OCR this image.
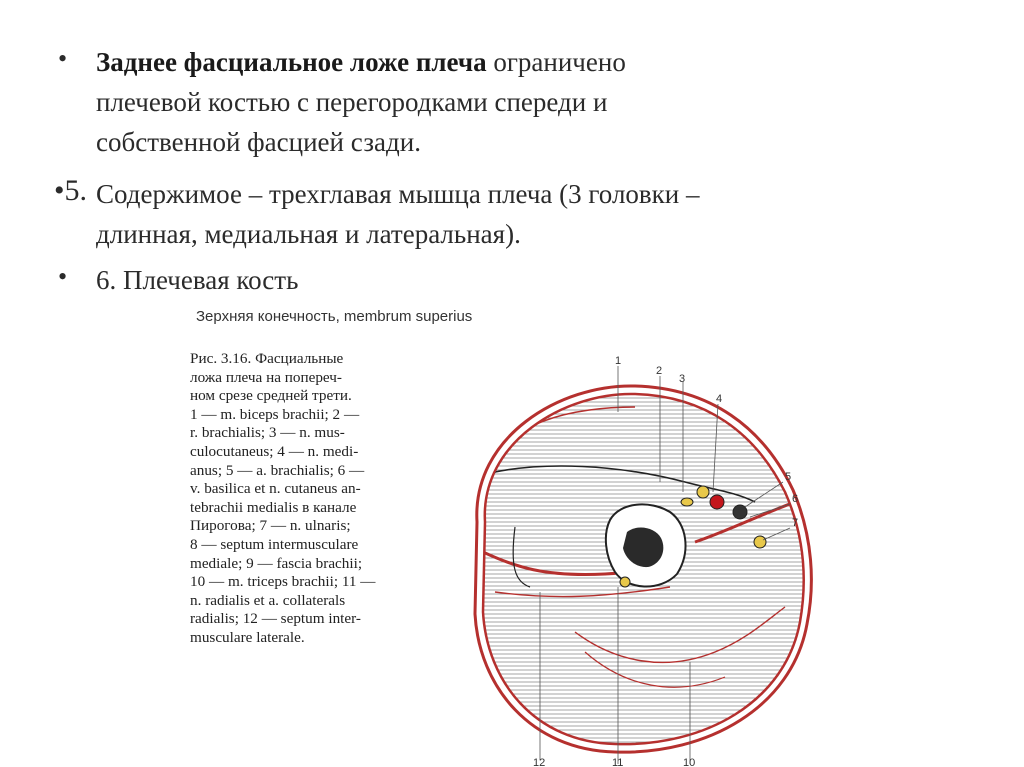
• Заднее фасциальное ложе плеча ограничено
плечевой костью с перегородками спереди и
собственной фасцией сзади.
•5. Содержимое – трехглавая мышца плеча (3 головки –
длинная, медиальная и латеральная).
• 6. Плечевая кость
Зерхняя конечность, membrum superius
Рис. 3.16. Фасциальные
ложа плеча на попереч-
ном срезе средней трети.
1 — m. biceps brachii; 2 —
r. brachialis; 3 — n. mus-
culocutaneus; 4 — n. medi-
anus; 5 — a. brachialis; 6 —
v. basilica et n. cutaneus an-
tebrachii medialis в канале
Пирогова; 7 — n. ulnaris;
8 — septum intermusculare
mediale; 9 — fascia brachii;
10 — m. triceps brachii; 11 —
n. radialis et a. collaterals
radialis; 12 — septum inter-
musculare laterale.
1
2
3
4
5
6
7
12	11	10
